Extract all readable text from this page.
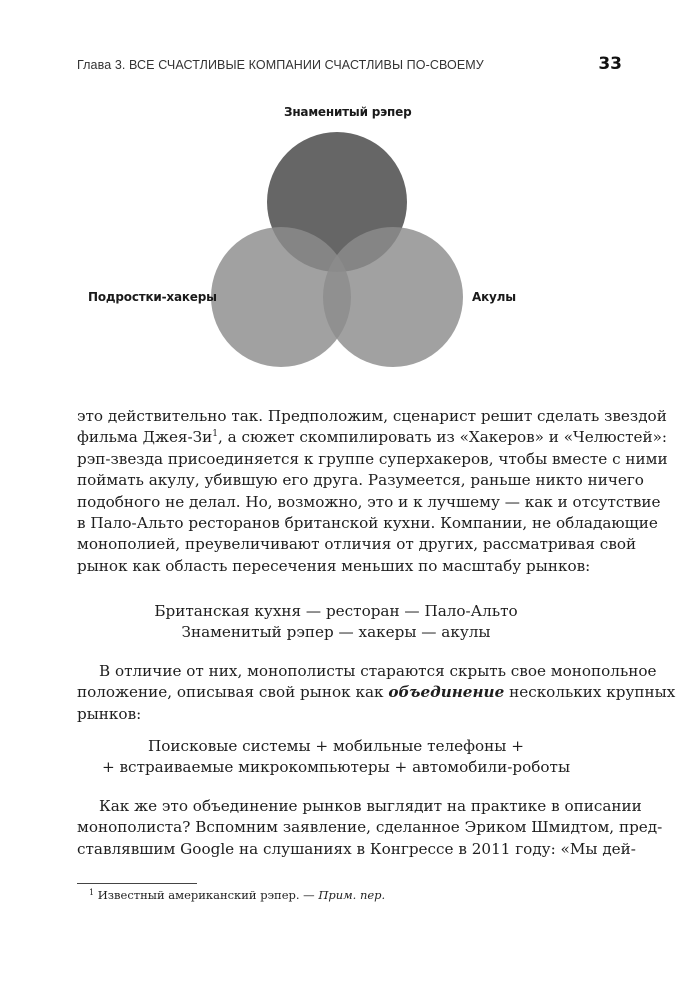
Глава 3. ВСЕ СЧАСТЛИВЫЕ КОМПАНИИ СЧАСТЛИВЫ ПО-СВОЕМУ	33
Знаменитый рэпер
Подростки-хакеры	Акулы
это действительно так. Предположим, сценарист решит сделать звездой
фильма Джея-$Зи^1$, а сюжет скомпилировать из «Хакеров» и «Челюстей»:
рэп-звезда присоединяется к группе суперхакеров, чтобы вместе с ними
поймать акулу, убившую его друга. Разумеется, раньше никто ничего
подобного не делал. Но, возможно, это и к лучшему — как и отсутствие
в Пало-Альто ресторанов британской кухни. Компании, не обладающие
монополией, преувеличивают отличия от других, рассматривая свой
рынок как область пересечения меньших по масштабу рынков:
Британская кухня — ресторан — Пало-Альто
Знаменитый рэпер — хакеры — акулы
В отличие от них, монополисты стараются скрыть свое монопольное
положение, описывая свой рынок как объединение нескольких крупных
рынков:
Поисковые системы + мобильные телефоны +
+ встраиваемые микрокомпьютеры + автомобили-роботы
Как же это объединение рынков выглядит на практике в описании
монополиста? Вспомним заявление, сделанное Эриком Шмидтом, пред-
ставлявшим Google на слушаниях в Конгрессе в 2011 году: «Мы дей-
$^1$ Известный американский рэпер. — Прим. пер.
